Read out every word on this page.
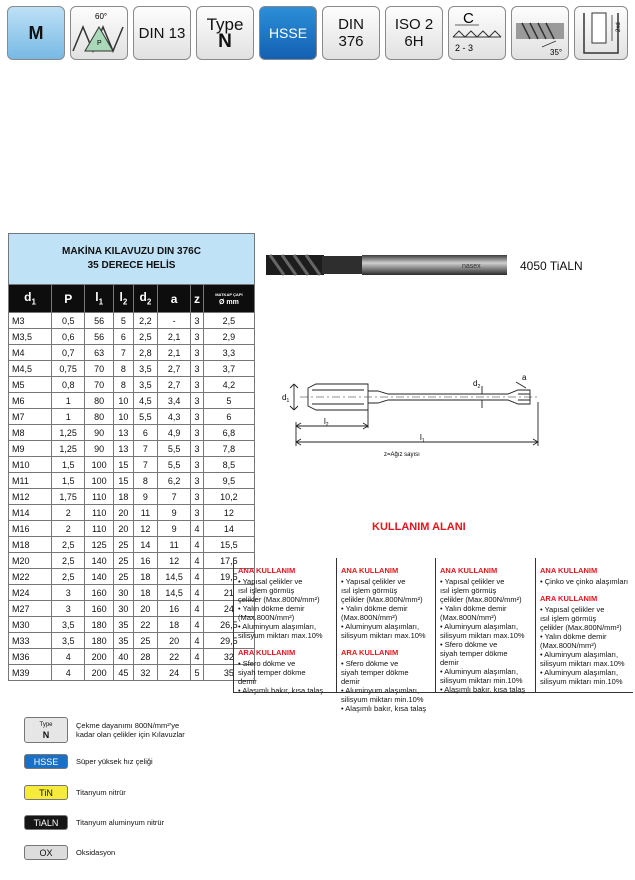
M
60°
P
DIN 13	Type
N	HSSE	DIN
376
ISO 2
6H
C
2 - 3	35°
2xd
MAKİNA KILAVUZU DIN 376C
35 DERECE HELİS							

$d_1$	P	$l_1$	$l_2$	$d_2$	a	z	MATKAP ÇAPI
Ø mm

M3	0,5	56	5	2,2	-	3	2,5
M3,5	0,6	56	6	2,5	2,1	3	2,9
M4	0,7	63	7	2,8	2,1	3	3,3
M4,5	0,75	70	8	3,5	2,7	3	3,7
M5	0,8	70	8	3,5	2,7	3	4,2
M6	1	80	10	4,5	3,4	3	5
M7	1	80	10	5,5	4,3	3	6
M8	1,25	90	13	6	4,9	3	6,8
M9	1,25	90	13	7	5,5	3	7,8
M10	1,5	100	15	7	5,5	3	8,5
M11	1,5	100	15	8	6,2	3	9,5
M12	1,75	110	18	9	7	3	10,2
M14	2	110	20	11	9	3	12
M16	2	110	20	12	9	4	14
M18	2,5	125	25	14	11	4	15,5
M20	2,5	140	25	16	12	4	17,5
M22	2,5	140	25	18	14,5	4	19,5
M24	3	160	30	18	14,5	4	21
M27	3	160	30	20	16	4	24
M30	3,5	180	35	22	18	4	26,5
M33	3,5	180	35	25	20	4	29,5
M36	4	200	40	28	22	4	32
M39	4	200	45	32	24	5	35
nasex	4050 TiALN
$d_1$
$d_2$
a
$l_2$
$l_1$
z=Ağız sayısı
KULLANIM ALANI
ANA KULLANIM
• Yapısal çelikler ve
ısıl işlem görmüş
çelikler (Max.800N/mm²)
• Yalın dökme demir
(Max.800N/mm²)
• Aluminyum alaşımları,
silisyum miktarı max.10%
ARA KULLANIM
• Sfero dökme ve
siyah temper dökme
demir
• Alaşımlı bakır, kısa talaş
ANA KULLANIM
• Yapısal çelikler ve
ısıl işlem görmüş
çelikler (Max.800N/mm²)
• Yalın dökme demir
(Max.800N/mm²)
• Aluminyum alaşımları,
silisyum miktarı max.10%
ARA KULLANIM
• Sfero dökme ve
siyah temper dökme
demir
• Aluminyum alaşımları,
silisyum miktarı min.10%
• Alaşımlı bakır, kısa talaş
ANA KULLANIM
• Yapısal çelikler ve
ısıl işlem görmüş
çelikler (Max.800N/mm²)
• Yalın dökme demir
(Max.800N/mm²)
• Aluminyum alaşımları,
silisyum miktarı max.10%
• Sfero dökme ve
siyah temper dökme
demir
• Aluminyum alaşımları,
silisyum miktarı min.10%
• Alaşımlı bakır, kısa talaş
ANA KULLANIM
• Çinko ve çinko alaşımları
ARA KULLANIM
• Yapısal çelikler ve
ısıl işlem görmüş
çelikler (Max.800N/mm²)
• Yalın dökme demir
(Max.800N/mm²)
• Aluminyum alaşımları,
silisyum miktarı max.10%
• Aluminyum alaşımları,
silisyum miktarı min.10%
Type
N
Çekme dayanımı 800N/mm²'ye
kadar olan çelikler için Kılavuzlar
HSSE Süper yüksek hız çeliği
TiN	Titanyum nitrür
TiALN Titanyum aluminyum nitrür
OX	Oksidasyon
